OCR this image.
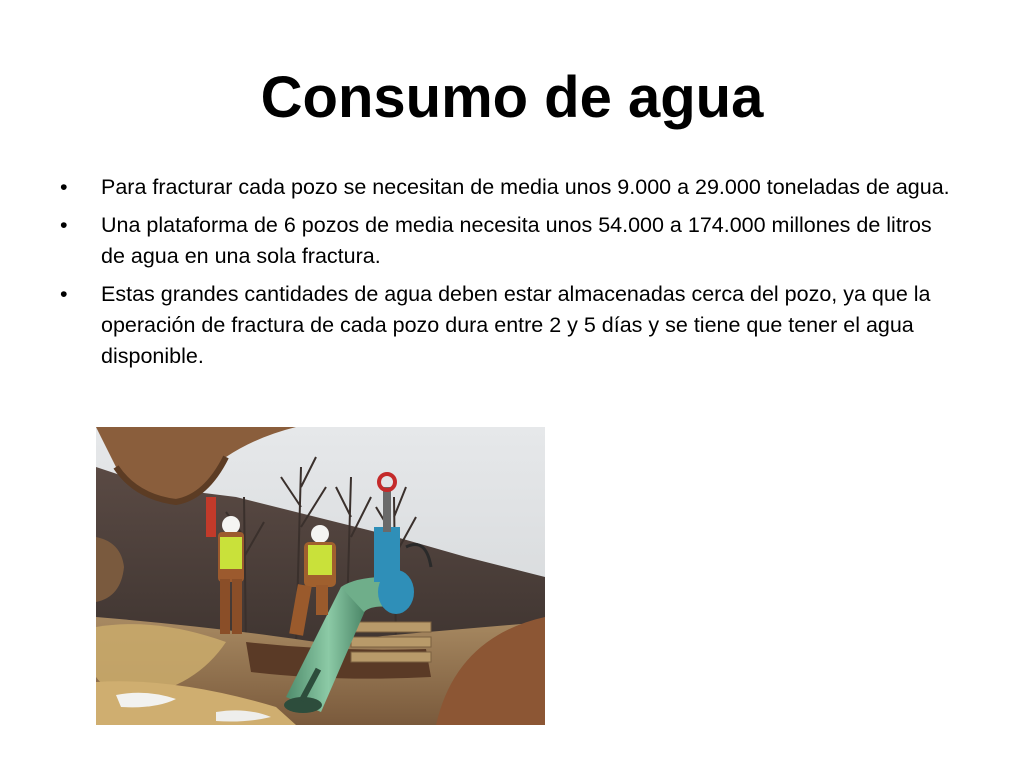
Consumo de agua
• Para fracturar cada pozo se necesitan de media unos 9.000 a 29.000 toneladas de agua.
• Una plataforma de 6 pozos de media necesita unos 54.000 a 174.000 millones de litros de agua en una sola fractura.
• Estas grandes cantidades de agua deben estar almacenadas cerca del pozo, ya que la operación de fractura de cada pozo dura entre 2 y 5 días y se tiene que tener el agua disponible.
